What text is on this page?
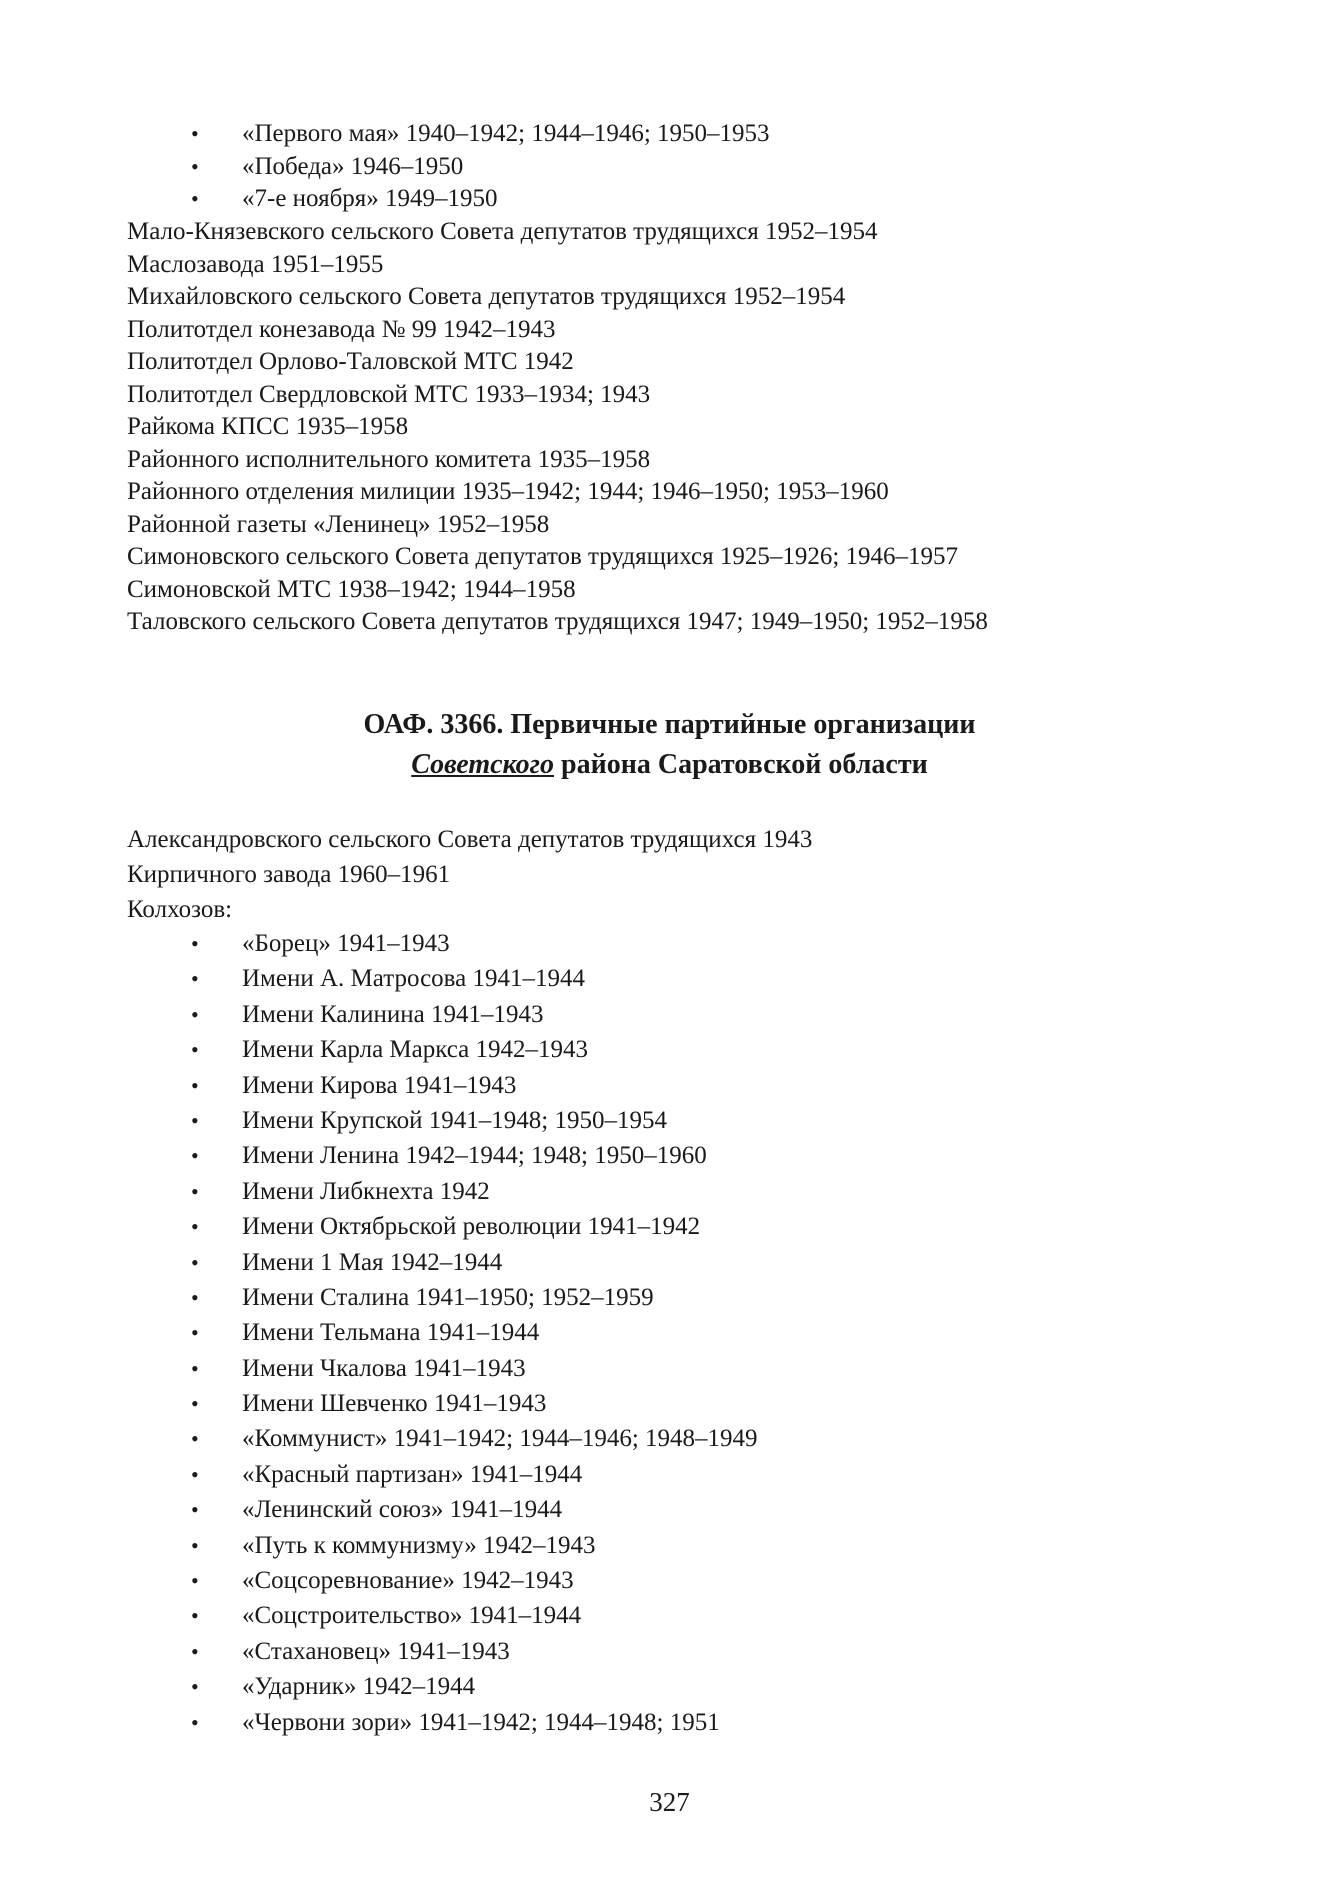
• «Первого мая» 1940–1942; 1944–1946; 1950–1953
• «Победа» 1946–1950
• «7-е ноября» 1949–1950
Мало-Князевского сельского Совета депутатов трудящихся 1952–1954
Маслозавода 1951–1955
Михайловского сельского Совета депутатов трудящихся 1952–1954
Политотдел конезавода № 99 1942–1943
Политотдел Орлово-Таловской МТС 1942
Политотдел Свердловской МТС 1933–1934; 1943
Райкома КПСС 1935–1958
Районного исполнительного комитета 1935–1958
Районного отделения милиции 1935–1942; 1944; 1946–1950; 1953–1960
Районной газеты «Ленинец» 1952–1958
Симоновского сельского Совета депутатов трудящихся 1925–1926; 1946–1957
Симоновской МТС 1938–1942; 1944–1958
Таловского сельского Совета депутатов трудящихся 1947; 1949–1950; 1952–1958
ОАФ. 3366. Первичные партийные организации
Советского района Саратовской области
Александровского сельского Совета депутатов трудящихся 1943
Кирпичного завода 1960–1961
Колхозов:
• «Борец» 1941–1943
• Имени А. Матросова 1941–1944
• Имени Калинина 1941–1943
• Имени Карла Маркса 1942–1943
• Имени Кирова 1941–1943
• Имени Крупской 1941–1948; 1950–1954
• Имени Ленина 1942–1944; 1948; 1950–1960
• Имени Либкнехта 1942
• Имени Октябрьской революции 1941–1942
• Имени 1 Мая 1942–1944
• Имени Сталина 1941–1950; 1952–1959
• Имени Тельмана 1941–1944
• Имени Чкалова 1941–1943
• Имени Шевченко 1941–1943
• «Коммунист» 1941–1942; 1944–1946; 1948–1949
• «Красный партизан» 1941–1944
• «Ленинский союз» 1941–1944
• «Путь к коммунизму» 1942–1943
• «Соцсоревнование» 1942–1943
• «Соцстроительство» 1941–1944
• «Стахановец» 1941–1943
• «Ударник» 1942–1944
• «Червони зори» 1941–1942; 1944–1948; 1951
327
